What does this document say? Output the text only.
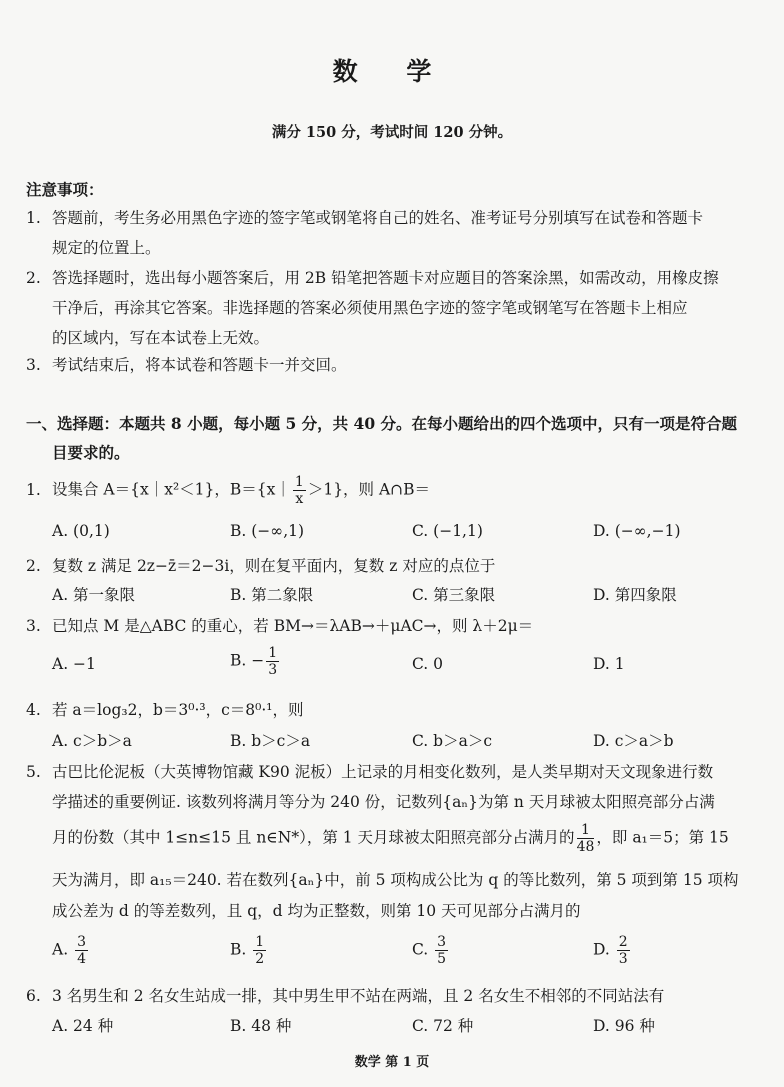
数 学
满分 150 分，考试时间 120 分钟。
注意事项：
1. 答题前，考生务必用黑色字迹的签字笔或钢笔将自己的姓名、准考证号分别填写在试卷和答题卡
规定的位置上。
2. 答选择题时，选出每小题答案后，用 2B 铅笔把答题卡对应题目的答案涂黑，如需改动，用橡皮擦
干净后，再涂其它答案。非选择题的答案必须使用黑色字迹的签字笔或钢笔写在答题卡上相应
的区域内，写在本试卷上无效。
3. 考试结束后，将本试卷和答题卡一并交回。
一、选择题：本题共 8 小题，每小题 5 分，共 40 分。在每小题给出的四个选项中，只有一项是符合题
目要求的。
1. 设集合 A＝{x｜x²＜1}，B＝{x｜ $\frac{1}{x} >1$}，则 A∩B＝
A. (0,1)	B. (−∞,1)	C. (−1,1)	D. (−∞,−1)
2. 复数 z 满足 2z−z̄＝2−3i，则在复平面内，复数 z 对应的点位于
A. 第一象限	B. 第二象限	C. 第三象限	D. 第四象限
3. 已知点 M 是△ABC 的重心，若 BM→＝λAB→＋μAC→，则 λ＋2μ＝
A. −1	B. − $\frac{1}{3}$	C. 0	D. 1
4. 若 a＝log₃2，b＝3⁰·³，c＝8⁰·¹，则
A. c＞b＞a	B. b＞c＞a	C. b＞a＞c	D. c＞a＞b
5. 古巴比伦泥板（大英博物馆藏 K90 泥板）上记录的月相变化数列，是人类早期对天文现象进行数
学描述的重要例证. 该数列将满月等分为 240 份，记数列{aₙ}为第 n 天月球被太阳照亮部分占满
月的份数（其中 1≤n≤15 且 n∈N*），第 1 天月球被太阳照亮部分占满月的 $\frac{1}{48}$ ，即 a₁＝5；第 15
天为满月，即 a₁₅＝240. 若在数列{aₙ}中，前 5 项构成公比为 q 的等比数列，第 5 项到第 15 项构
成公差为 d 的等差数列，且 q，d 均为正整数，则第 10 天可见部分占满月的
A. $\frac{3}{4}$	B. $\frac{1}{2}$	C. $\frac{3}{5}$	D. $\frac{2}{3}$
6. 3 名男生和 2 名女生站成一排，其中男生甲不站在两端，且 2 名女生不相邻的不同站法有
A. 24 种	B. 48 种	C. 72 种	D. 96 种
数学 第 1 页
